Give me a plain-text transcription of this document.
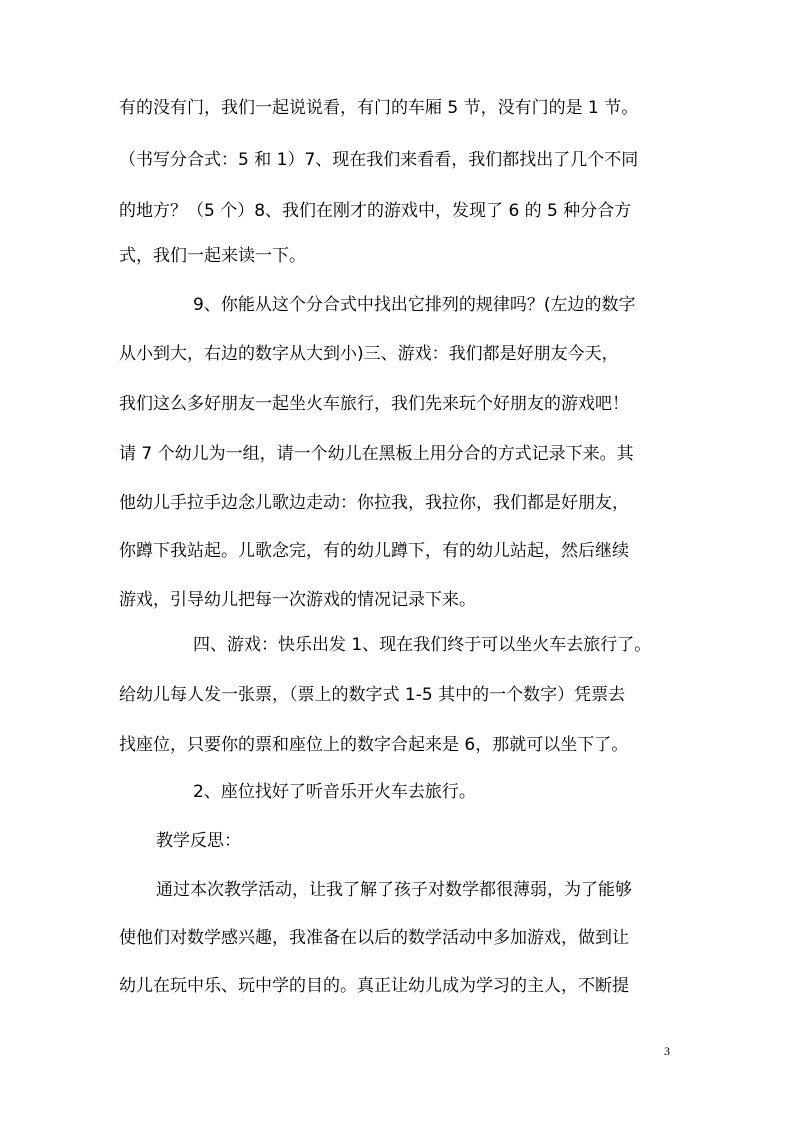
有的没有门，我们一起说说看，有门的车厢 5 节，没有门的是 1 节。
（书写分合式：5 和 1）7、现在我们来看看，我们都找出了几个不同
的地方？（5 个）8、我们在刚才的游戏中，发现了 6 的 5 种分合方
式，我们一起来读一下。
9、你能从这个分合式中找出它排列的规律吗？(左边的数字
从小到大，右边的数字从大到小)三、游戏：我们都是好朋友今天，
我们这么多好朋友一起坐火车旅行，我们先来玩个好朋友的游戏吧！
请 7 个幼儿为一组，请一个幼儿在黑板上用分合的方式记录下来。其
他幼儿手拉手边念儿歌边走动：你拉我，我拉你，我们都是好朋友，
你蹲下我站起。儿歌念完，有的幼儿蹲下，有的幼儿站起，然后继续
游戏，引导幼儿把每一次游戏的情况记录下来。
四、游戏：快乐出发 1、现在我们终于可以坐火车去旅行了。
给幼儿每人发一张票，（票上的数字式 1-5 其中的一个数字）凭票去
找座位，只要你的票和座位上的数字合起来是 6，那就可以坐下了。
2、座位找好了听音乐开火车去旅行。
教学反思：
通过本次教学活动，让我了解了孩子对数学都很薄弱，为了能够
使他们对数学感兴趣，我准备在以后的数学活动中多加游戏，做到让
幼儿在玩中乐、玩中学的目的。真正让幼儿成为学习的主人，不断提
3
